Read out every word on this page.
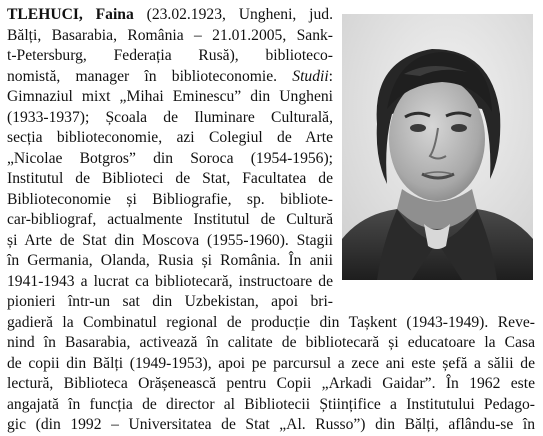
TLEHUCI, Faina (23.02.1923, Ungheni, jud.
Bălți, Basarabia, România – 21.01.2005, Sank-
t-Petersburg, Federația Rusă), biblioteco-
nomistă, manager în biblioteconomie. Studii:
Gimnaziul mixt „Mihai Eminescu” din Ungheni
(1933-1937); Școala de Iluminare Culturală,
secția biblioteconomie, azi Colegiul de Arte
„Nicolae Botgros” din Soroca (1954-1956);
Institutul de Biblioteci de Stat, Facultatea de
Biblioteconomie și Bibliografie, sp. bibliote-
car-bibliograf, actualmente Institutul de Cultură
și Arte de Stat din Moscova (1955-1960). Stagii
în Germania, Olanda, Rusia și România. În anii
1941-1943 a lucrat ca bibliotecară, instructoare de
pionieri într-un sat din Uzbekistan, apoi bri-
gadieră la Combinatul regional de producție din Tașkent (1943-1949). Reve-
nind în Basarabia, activează în calitate de bibliotecară și educatoare la Casa
de copii din Bălți (1949-1953), apoi pe parcursul a zece ani este șefă a sălii de
lectură, Biblioteca Orășenească pentru Copii „Arkadi Gaidar”. În 1962 este
angajată în funcția de director al Bibliotecii Științifice a Institutului Pedago-
gic (din 1992 – Universitatea de Stat „Al. Russo”) din Bălți, aflându-se în
